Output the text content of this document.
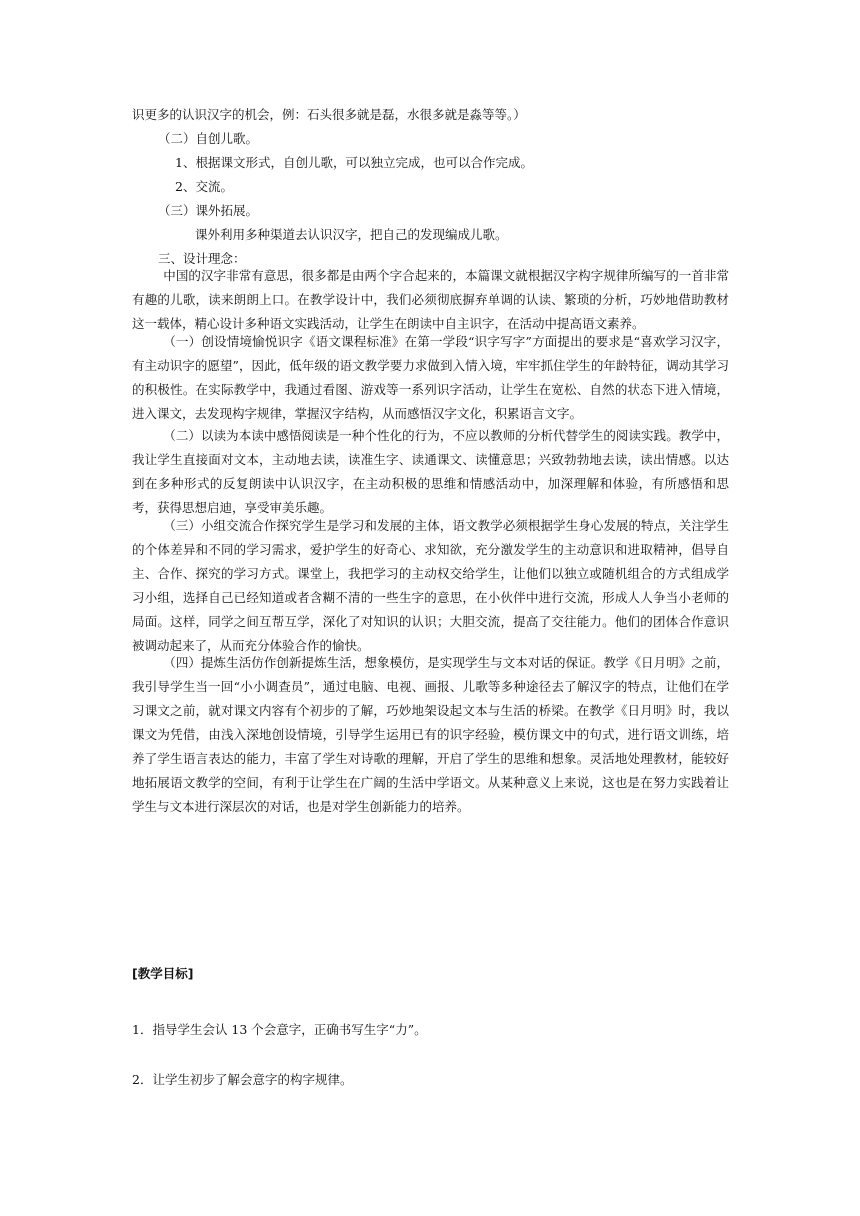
识更多的认识汉字的机会，例：石头很多就是磊，水很多就是淼等等。）
（二）自创儿歌。
1、根据课文形式，自创儿歌，可以独立完成，也可以合作完成。
2、交流。
（三）课外拓展。
课外利用多种渠道去认识汉字，把自己的发现编成儿歌。
三、设计理念：

中国的汉字非常有意思，很多都是由两个字合起来的，本篇课文就根据汉字构字规律所编写的一首非常有趣的儿歌，读来朗朗上口。在教学设计中，我们必须彻底摒弃单调的认读、繁琐的分析，巧妙地借助教材这一载体，精心设计多种语文实践活动，让学生在朗读中自主识字，在活动中提高语文素养。

（一）创设情境愉悦识字《语文课程标准》在第一学段“识字写字”方面提出的要求是“喜欢学习汉字，有主动识字的愿望”，因此，低年级的语文教学要力求做到入情入境，牢牢抓住学生的年龄特征，调动其学习的积极性。在实际教学中，我通过看图、游戏等一系列识字活动，让学生在宽松、自然的状态下进入情境，进入课文，去发现构字规律，掌握汉字结构，从而感悟汉字文化，积累语言文字。

（二）以读为本读中感悟阅读是一种个性化的行为，不应以教师的分析代替学生的阅读实践。教学中，我让学生直接面对文本，主动地去读，读准生字、读通课文、读懂意思；兴致勃勃地去读，读出情感。以达到在多种形式的反复朗读中认识汉字，在主动积极的思维和情感活动中，加深理解和体验，有所感悟和思考，获得思想启迪，享受审美乐趣。

（三）小组交流合作探究学生是学习和发展的主体，语文教学必须根据学生身心发展的特点，关注学生的个体差异和不同的学习需求，爱护学生的好奇心、求知欲，充分激发学生的主动意识和进取精神，倡导自主、合作、探究的学习方式。课堂上，我把学习的主动权交给学生，让他们以独立或随机组合的方式组成学习小组，选择自己已经知道或者含糊不清的一些生字的意思，在小伙伴中进行交流，形成人人争当小老师的局面。这样，同学之间互帮互学，深化了对知识的认识；大胆交流，提高了交往能力。他们的团体合作意识被调动起来了，从而充分体验合作的愉快。

（四）提炼生活仿作创新提炼生活，想象模仿，是实现学生与文本对话的保证。教学《日月明》之前，我引导学生当一回“小小调查员”，通过电脑、电视、画报、儿歌等多种途径去了解汉字的特点，让他们在学习课文之前，就对课文内容有个初步的了解，巧妙地架设起文本与生活的桥梁。在教学《日月明》时，我以课文为凭借，由浅入深地创设情境，引导学生运用已有的识字经验，模仿课文中的句式，进行语文训练，培养了学生语言表达的能力，丰富了学生对诗歌的理解，开启了学生的思维和想象。灵活地处理教材，能较好地拓展语文教学的空间，有利于让学生在广阔的生活中学语文。从某种意义上来说，这也是在努力实践着让学生与文本进行深层次的对话，也是对学生创新能力的培养。

[教学目标]
1．指导学生会认 13 个会意字，正确书写生字“力”。
2．让学生初步了解会意字的构字规律。
